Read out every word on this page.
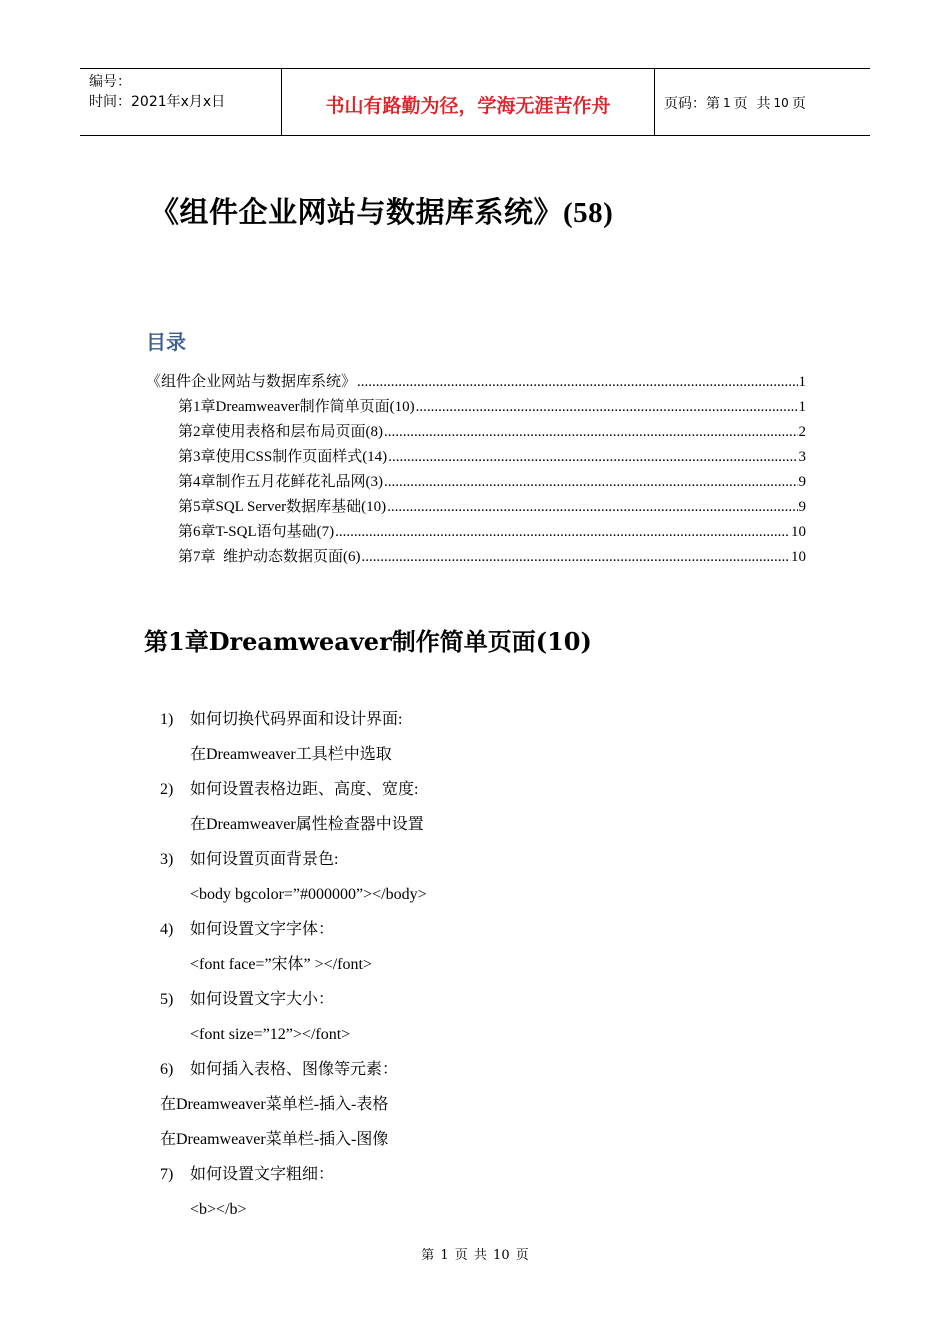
编号：
时间：2021年x月x日	书山有路勤为径，学海无涯苦作舟	页码：第 1 页  共 10 页
《组件企业网站与数据库系统》(58)
目录
《组件企业网站与数据库系统》 .....	1
第1章Dreamweaver制作简单页面(10) .....	1
第2章使用表格和层布局页面(8) .....	2
第3章使用CSS制作页面样式(14) .....	3
第4章制作五月花鲜花礼品网(3) .....	9
第5章SQL Server数据库基础(10) .....	9
第6章T-SQL语句基础(7) .....	10
第7章  维护动态数据页面(6) .....	10
第1章Dreamweaver制作简单页面(10)
1) 如何切换代码界面和设计界面:
在Dreamweaver工具栏中选取
2) 如何设置表格边距、高度、宽度:
在Dreamweaver属性检查器中设置
3) 如何设置页面背景色:
<body bgcolor=”#000000”></body>
4) 如何设置文字字体：
<font face=”宋体” ></font>
5) 如何设置文字大小：
<font size=”12”></font>
6) 如何插入表格、图像等元素：
在Dreamweaver菜单栏-插入-表格
在Dreamweaver菜单栏-插入-图像
7) 如何设置文字粗细：
<b></b>
第 1 页 共 10 页
